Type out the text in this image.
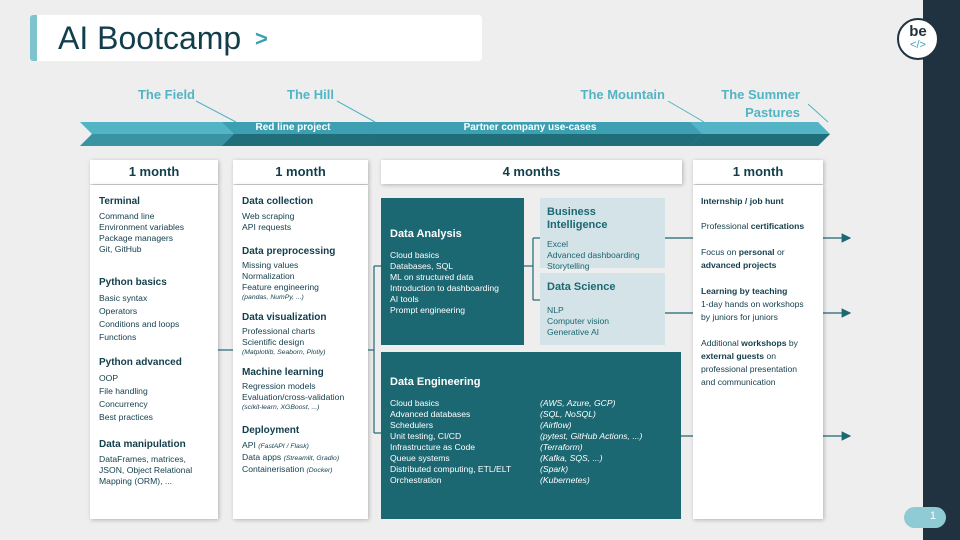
AI Bootcamp >	be
</>
The Field	The Hill	The Mountain	The Summer Pastures
Red line project	Partner company use-cases
1 month	1 month	4 months	1 month
Terminal
Command line
Environment variables
Package managers
Git, GitHub
Python basics
Basic syntax
Operators
Conditions and loops
Functions
Python advanced
OOP
File handling
Concurrency
Best practices
Data manipulation
DataFrames, matrices,
JSON, Object Relational
Mapping (ORM), ...
Data collection
Web scraping
API requests
Data preprocessing
Missing values
Normalization
Feature engineering
(pandas, NumPy, ...)
Data visualization
Professional charts
Scientific design
(Matplotlib, Seaborn, Plotly)
Machine learning
Regression models
Evaluation/cross-validation
(scikit-learn, XGBoost, ...)
Deployment
API (FastAPI / Flask)
Data apps (Streamlit, Gradio)
Containerisation (Docker)
Data Analysis
Cloud basics
Databases, SQL
ML on structured data
Introduction to dashboarding
AI tools
Prompt engineering
Business Intelligence
Excel
Advanced dashboarding
Storytelling
Data Science
NLP
Computer vision
Generative AI
Data Engineering
Cloud basics	(AWS, Azure, GCP)
Advanced databases	(SQL, NoSQL)
Schedulers	(Airflow)
Unit testing, CI/CD	(pytest, GitHub Actions, ...)
Infrastructure as Code	(Terraform)
Queue systems	(Kafka, SQS, ...)
Distributed computing, ETL/ELT	(Spark)
Orchestration	(Kubernetes)
Internship / job hunt
Professional certifications
Focus on personal or
advanced projects
Learning by teaching
1-day hands on workshops
by juniors for juniors
Additional workshops by
external guests on
professional presentation
and communication
1
